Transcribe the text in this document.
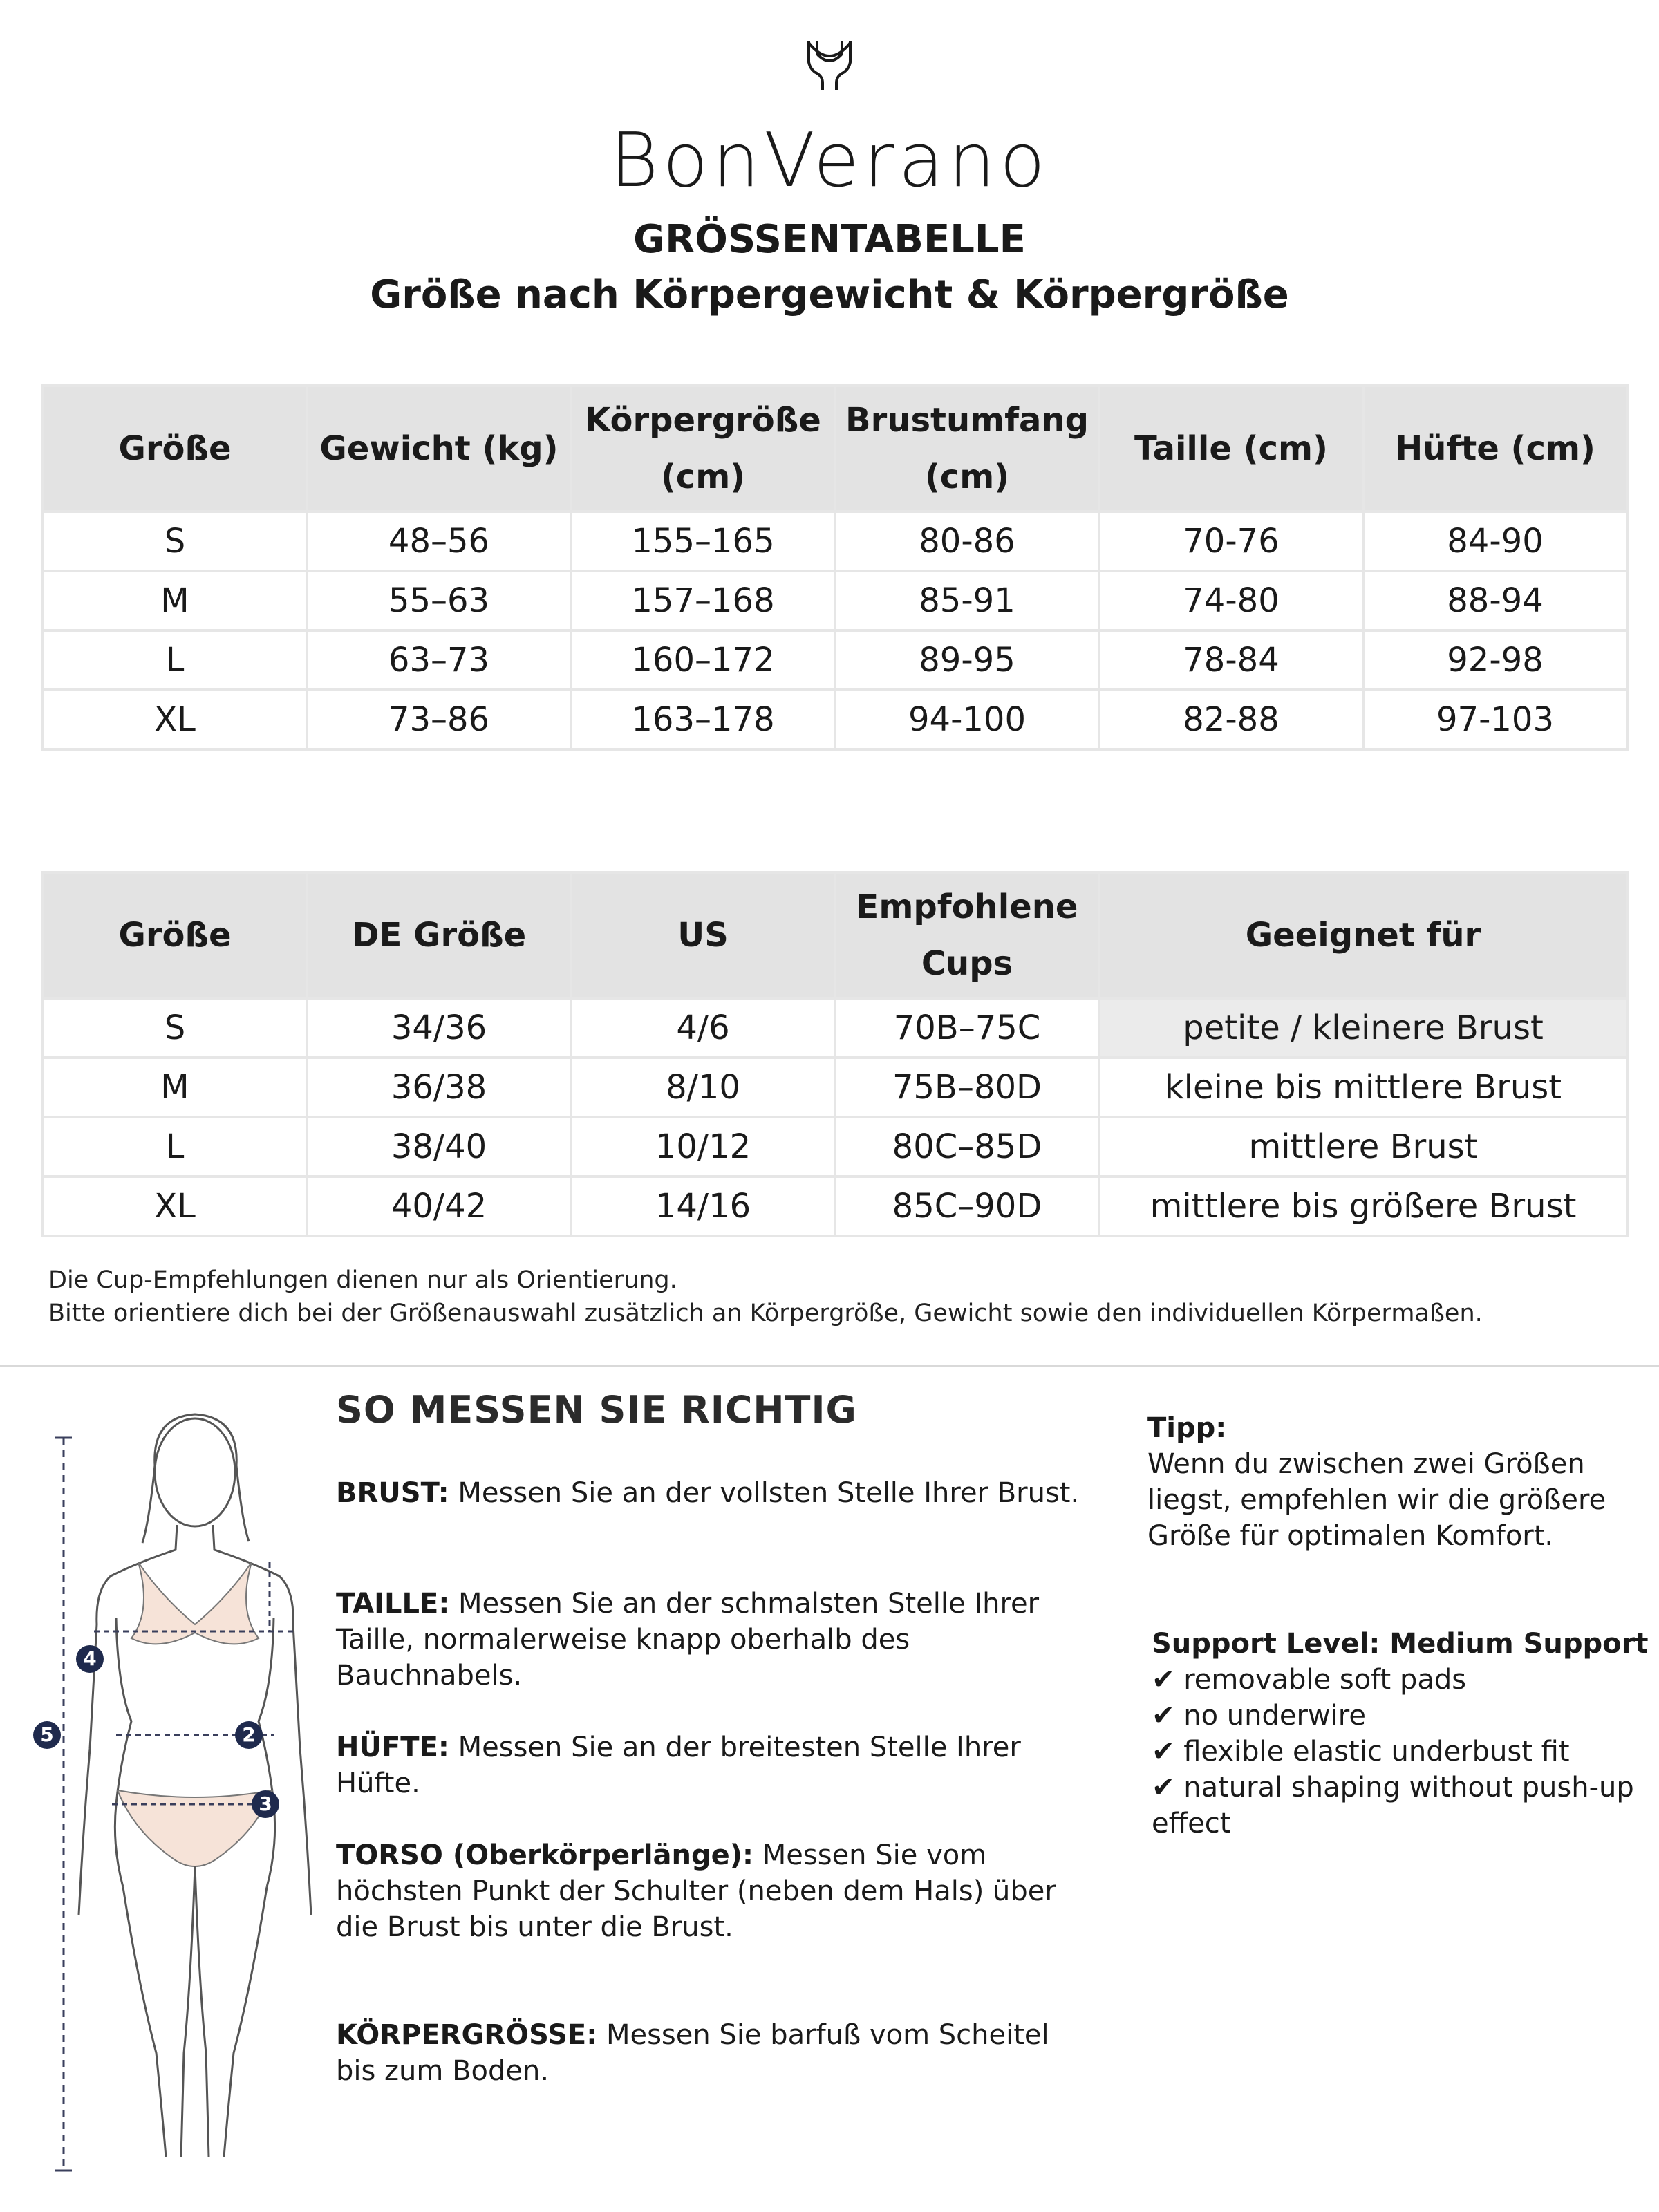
BonVerano
GRÖSSENTABELLE
Größe nach Körpergewicht & Körpergröße
Größe	Gewicht (kg)	Körpergröße (cm)	Brustumfang (cm)	Taille (cm)	Hüfte (cm)
S	48–56	155–165	80-86	70-76	84-90
M	55–63	157–168	85-91	74-80	88-94
L	63–73	160–172	89-95	78-84	92-98
XL	73–86	163–178	94-100	82-88	97-103
Größe	DE Größe	US	Empfohlene Cups	Geeignet für
S	34/36	4/6	70B–75C	petite / kleinere Brust
M	36/38	8/10	75B–80D	kleine bis mittlere Brust
L	38/40	10/12	80C–85D	mittlere Brust
XL	40/42	14/16	85C–90D	mittlere bis größere Brust
Die Cup-Empfehlungen dienen nur als Orientierung.
Bitte orientiere dich bei der Größenauswahl zusätzlich an Körpergröße, Gewicht sowie den individuellen Körpermaßen.
4
2
3
5
SO MESSEN SIE RICHTIG
BRUST: Messen Sie an der vollsten Stelle Ihrer Brust.
TAILLE: Messen Sie an der schmalsten Stelle Ihrer Taille, normalerweise knapp oberhalb des Bauchnabels.
HÜFTE: Messen Sie an der breitesten Stelle Ihrer Hüfte.
TORSO (Oberkörperlänge): Messen Sie vom höchsten Punkt der Schulter (neben dem Hals) über die Brust bis unter die Brust.
KÖRPERGRÖSSE: Messen Sie barfuß vom Scheitel bis zum Boden.
Tipp:
Wenn du zwischen zwei Größen liegst, empfehlen wir die größere Größe für optimalen Komfort.
Support Level: Medium Support
✔ removable soft pads
✔ no underwire
✔ flexible elastic underbust fit
✔ natural shaping without push-up effect
